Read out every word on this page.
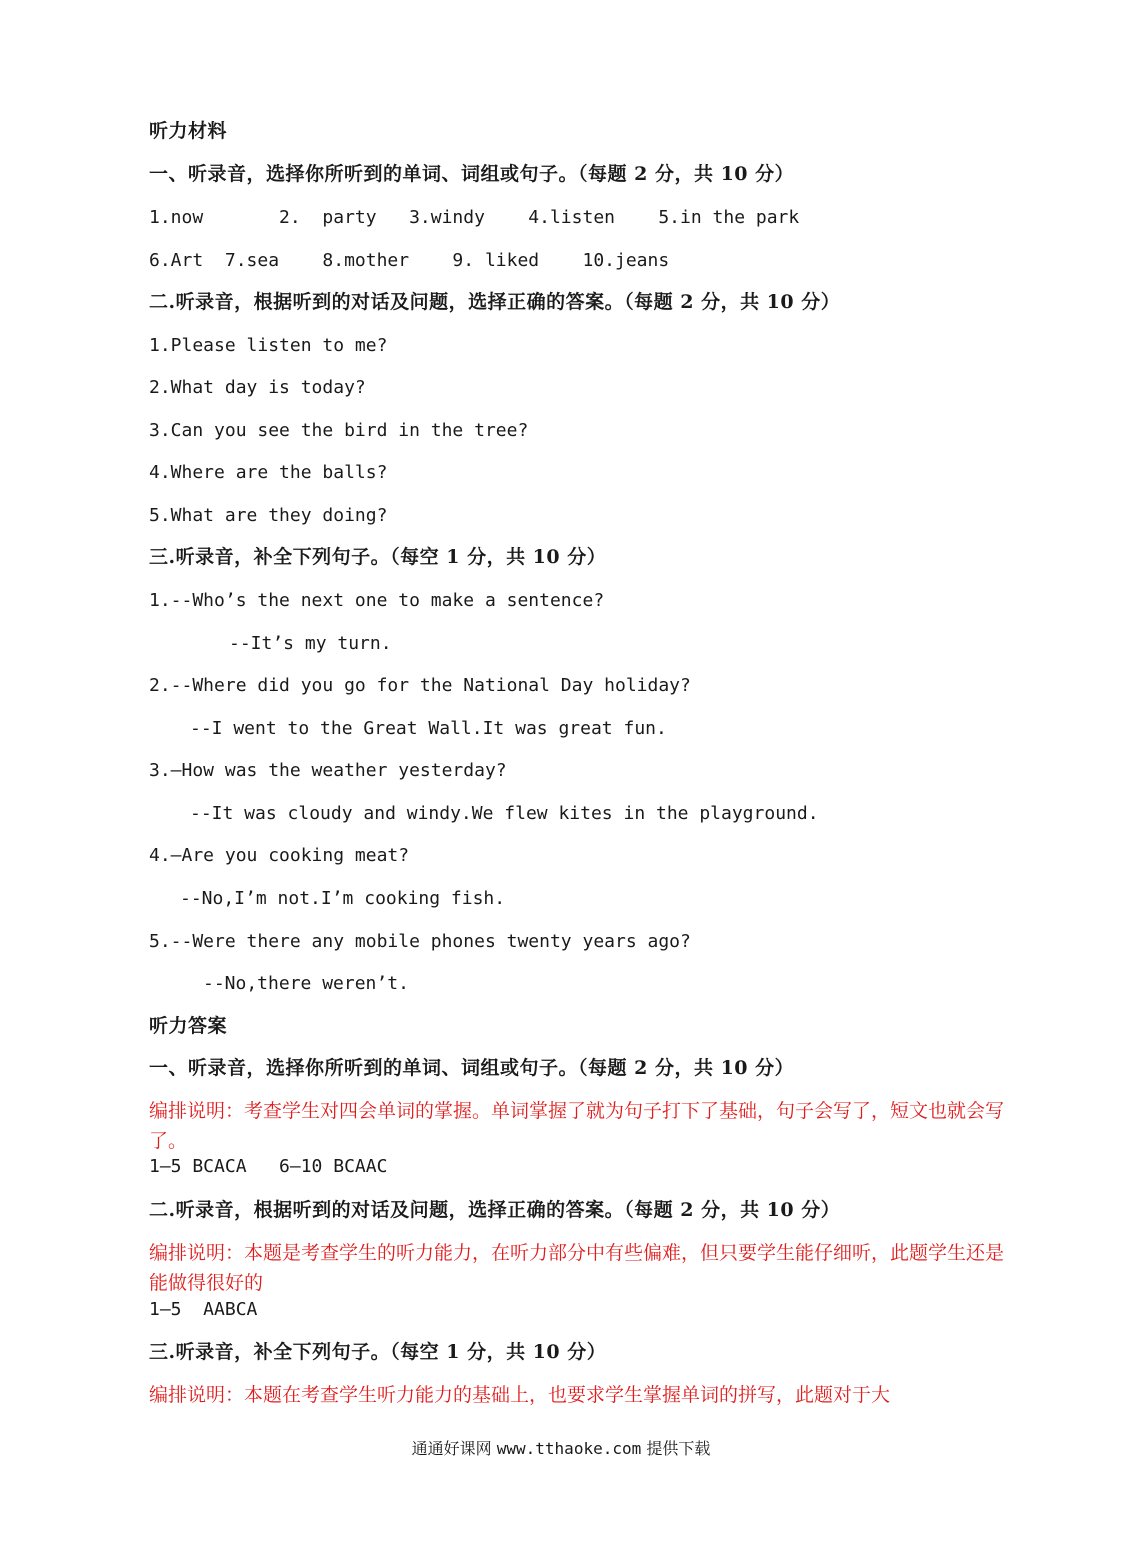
听力材料
一、听录音，选择你所听到的单词、词组或句子。（每题 2 分，共 10 分）
1.now       2.  party   3.windy    4.listen    5.in the park
6.Art  7.sea    8.mother    9. liked    10.jeans
二.听录音，根据听到的对话及问题，选择正确的答案。（每题 2 分，共 10 分）
1.Please listen to me?
2.What day is today?
3.Can you see the bird in the tree?
4.Where are the balls?
5.What are they doing?
三.听录音，补全下列句子。（每空 1 分，共 10 分）
1.--Who’s the next one to make a sentence?
--It’s my turn.
2.--Where did you go for the National Day holiday?
--I went to the Great Wall.It was great fun.
3.—How was the weather yesterday?
--It was cloudy and windy.We flew kites in the playground.
4.—Are you cooking meat?
--No,I’m not.I’m cooking fish.
5.--Were there any mobile phones twenty years ago?
--No,there weren’t.
听力答案
一、听录音，选择你所听到的单词、词组或句子。（每题 2 分，共 10 分）
编排说明：考查学生对四会单词的掌握。单词掌握了就为句子打下了基础，句子会写了，短文也就会写了。
1—5 BCACA   6—10 BCAAC
二.听录音，根据听到的对话及问题，选择正确的答案。（每题 2 分，共 10 分）
编排说明：本题是考查学生的听力能力，在听力部分中有些偏难，但只要学生能仔细听，此题学生还是能做得很好的
1—5  AABCA
三.听录音，补全下列句子。（每空 1 分，共 10 分）
编排说明：本题在考查学生听力能力的基础上，也要求学生掌握单词的拼写，此题对于大
通通好课网 www.tthaoke.com 提供下载
